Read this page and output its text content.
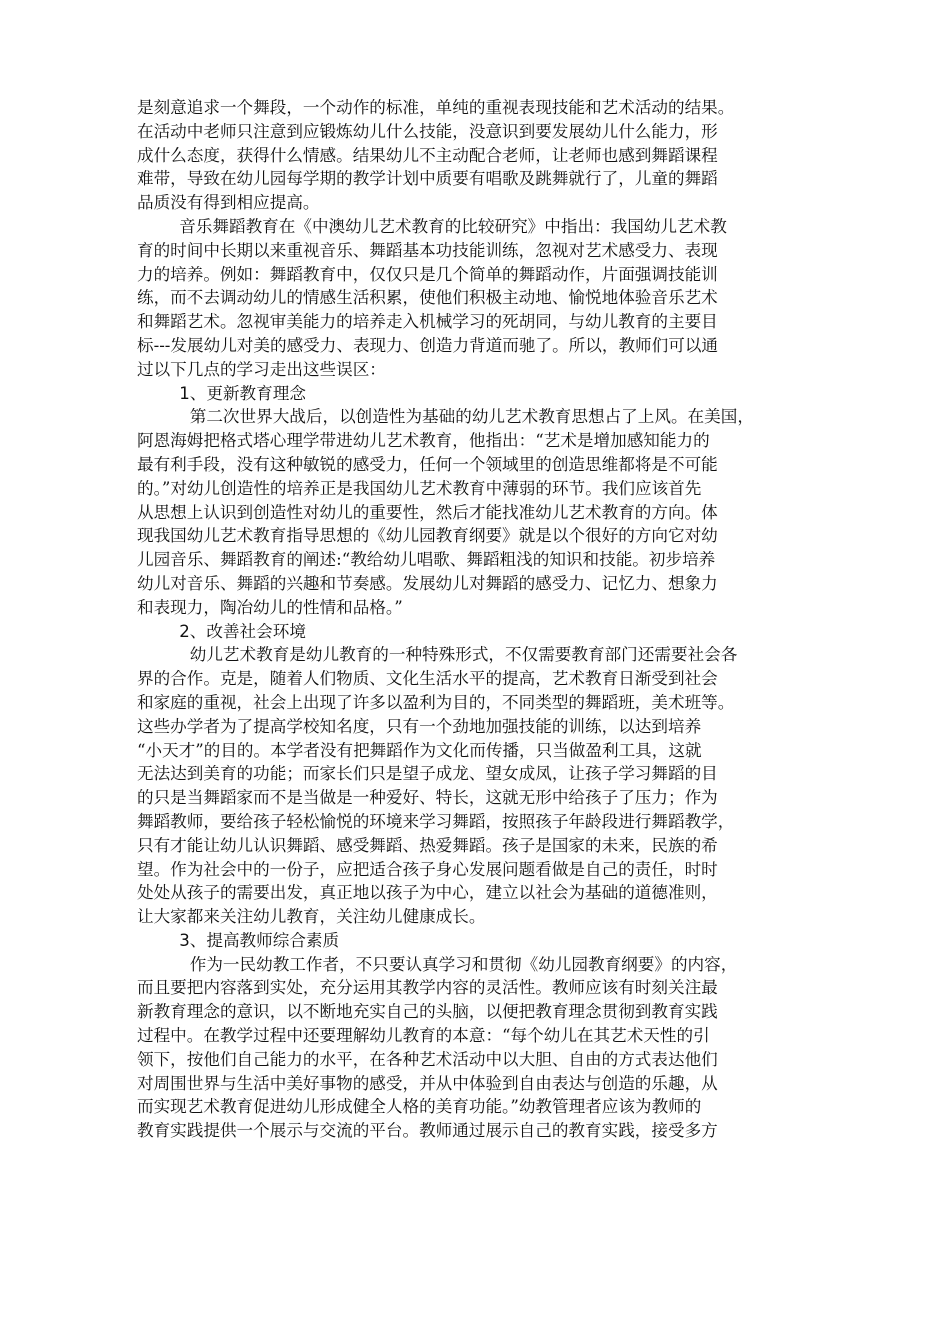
是刻意追求一个舞段，一个动作的标准，单纯的重视表现技能和艺术活动的结果。
在活动中老师只注意到应锻炼幼儿什么技能，没意识到要发展幼儿什么能力，形
成什么态度，获得什么情感。结果幼儿不主动配合老师，让老师也感到舞蹈课程
难带，导致在幼儿园每学期的教学计划中质要有唱歌及跳舞就行了，儿童的舞蹈
品质没有得到相应提高。
音乐舞蹈教育在《中澳幼儿艺术教育的比较研究》中指出：我国幼儿艺术教
育的时间中长期以来重视音乐、舞蹈基本功技能训练，忽视对艺术感受力、表现
力的培养。例如：舞蹈教育中，仅仅只是几个简单的舞蹈动作，片面强调技能训
练，而不去调动幼儿的情感生活积累，使他们积极主动地、愉悦地体验音乐艺术
和舞蹈艺术。忽视审美能力的培养走入机械学习的死胡同，与幼儿教育的主要目
标---发展幼儿对美的感受力、表现力、创造力背道而驰了。所以，教师们可以通
过以下几点的学习走出这些误区：
1、更新教育理念
第二次世界大战后，以创造性为基础的幼儿艺术教育思想占了上风。在美国，
阿恩海姆把格式塔心理学带进幼儿艺术教育，他指出：“艺术是增加感知能力的
最有利手段，没有这种敏锐的感受力，任何一个领域里的创造思维都将是不可能
的。”对幼儿创造性的培养正是我国幼儿艺术教育中薄弱的环节。我们应该首先
从思想上认识到创造性对幼儿的重要性，然后才能找准幼儿艺术教育的方向。体
现我国幼儿艺术教育指导思想的《幼儿园教育纲要》就是以个很好的方向它对幼
儿园音乐、舞蹈教育的阐述:“教给幼儿唱歌、舞蹈粗浅的知识和技能。初步培养
幼儿对音乐、舞蹈的兴趣和节奏感。发展幼儿对舞蹈的感受力、记忆力、想象力
和表现力，陶冶幼儿的性情和品格。”
2、改善社会环境
幼儿艺术教育是幼儿教育的一种特殊形式，不仅需要教育部门还需要社会各
界的合作。克是，随着人们物质、文化生活水平的提高，艺术教育日渐受到社会
和家庭的重视，社会上出现了许多以盈利为目的，不同类型的舞蹈班，美术班等。
这些办学者为了提高学校知名度，只有一个劲地加强技能的训练，以达到培养
“小天才”的目的。本学者没有把舞蹈作为文化而传播，只当做盈利工具，这就
无法达到美育的功能；而家长们只是望子成龙、望女成凤，让孩子学习舞蹈的目
的只是当舞蹈家而不是当做是一种爱好、特长，这就无形中给孩子了压力；作为
舞蹈教师，要给孩子轻松愉悦的环境来学习舞蹈，按照孩子年龄段进行舞蹈教学，
只有才能让幼儿认识舞蹈、感受舞蹈、热爱舞蹈。孩子是国家的未来，民族的希
望。作为社会中的一份子，应把适合孩子身心发展问题看做是自己的责任，时时
处处从孩子的需要出发，真正地以孩子为中心，建立以社会为基础的道德准则，
让大家都来关注幼儿教育，关注幼儿健康成长。
3、提高教师综合素质
作为一民幼教工作者，不只要认真学习和贯彻《幼儿园教育纲要》的内容，
而且要把内容落到实处，充分运用其教学内容的灵活性。教师应该有时刻关注最
新教育理念的意识，以不断地充实自己的头脑，以便把教育理念贯彻到教育实践
过程中。在教学过程中还要理解幼儿教育的本意：“每个幼儿在其艺术天性的引
领下，按他们自己能力的水平，在各种艺术活动中以大胆、自由的方式表达他们
对周围世界与生活中美好事物的感受，并从中体验到自由表达与创造的乐趣，从
而实现艺术教育促进幼儿形成健全人格的美育功能。”幼教管理者应该为教师的
教育实践提供一个展示与交流的平台。教师通过展示自己的教育实践，接受多方
